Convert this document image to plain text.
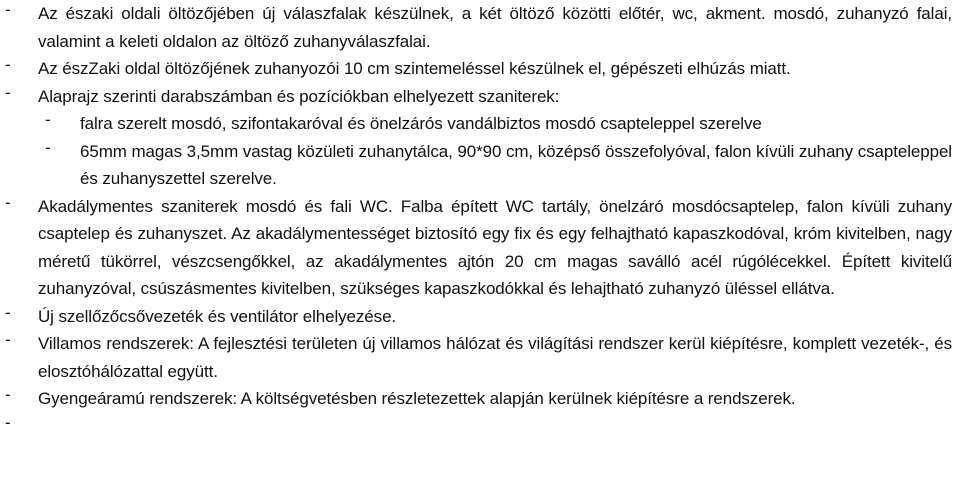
-	Az északi oldali öltözőjében új válaszfalak készülnek, a két öltöző közötti előtér, wc, akment. mosdó, zuhanyzó falai, valamint a keleti oldalon az öltöző zuhanyválaszfalai.
-	Az észZaki oldal öltözőjének zuhanyozói 10 cm szintemeléssel készülnek el, gépészeti elhúzás miatt.
-	Alaprajz szerinti darabszámban és pozíciókban elhelyezett szaniterek:
-	falra szerelt mosdó, szifontakaróval és önelzárós vandálbiztos mosdó csapteleppel szerelve
-	65mm magas 3,5mm vastag közületi zuhanytálca, 90*90 cm, középső összefolyóval, falon kívüli zuhany csapteleppel és zuhanyszettel szerelve.
-	Akadálymentes szaniterek mosdó és fali WC. Falba épített WC tartály, önelzáró mosdócsaptelep, falon kívüli zuhany csaptelep és zuhanyszet. Az akadálymentességet biztosító egy fix és egy felhajtható kapaszkodóval, króm kivitelben, nagy méretű tükörrel, vészcsengőkkel, az akadálymentes ajtón 20 cm magas saválló acél rúgólécekkel. Épített kivitelű zuhanyzóval, csúszásmentes kivitelben, szükséges kapaszkodókkal és lehajtható zuhanyzó üléssel ellátva.
-	Új szellőzőcsővezeték és ventilátor elhelyezése.
-	Villamos rendszerek: A fejlesztési területen új villamos hálózat és világítási rendszer kerül kiépítésre, komplett vezeték-, és elosztóhálózattal együtt.
-	Gyengeáramú rendszerek: A költségvetésben részletezettek alapján kerülnek kiépítésre a rendszerek.
-
